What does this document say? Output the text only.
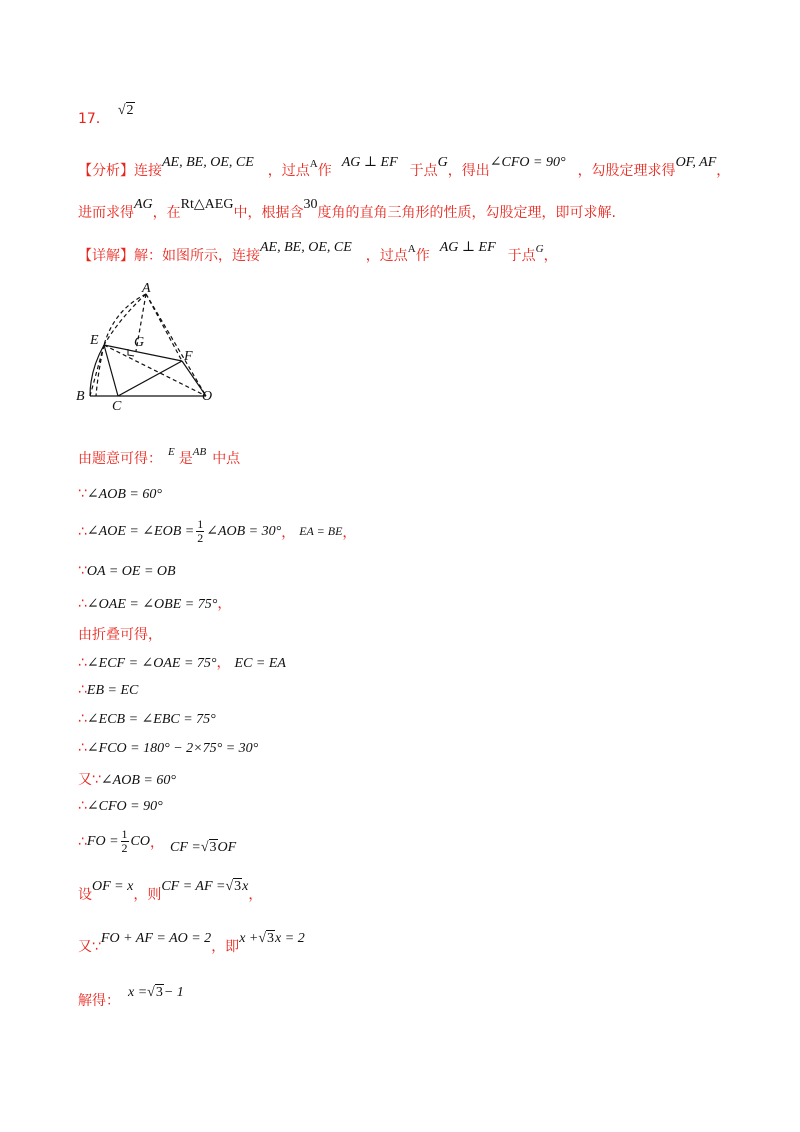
17．
√2
【分析】 连接
AE, BE, OE, CE
，过点 A 作
AG ⊥ EF
于点
G
，得出
∠CFO = 90°
，勾股定理求得
OF, AF
，
进而求得
AG
，在
Rt△AEG
中，根据含
30
度角的直角三角形的性质，勾股定理，即可求解.
【详解】 解：如图所示，连接
AE, BE, OE, CE
，过点 A 作
AG ⊥ EF
于点 G ，
A
E	G
F
B
C
O
由题意可得： E 是 AB 中点
∵ ∠AOB = 60°
∴ ∠AOE = ∠EOB = $\frac{1}{2}$ ∠AOB = 30° ， EA = BE ，
∵ OA = OE = OB
∴ ∠OAE = ∠OBE = 75° ，
由折叠可得，
∴ ∠ECF = ∠OAE = 75° ， EC = EA
∴ EB = EC
∴ ∠ECB = ∠EBC = 75°
∴ ∠FCO = 180° − 2×75° = 30°
又 ∵ ∠AOB = 60°
∴ ∠CFO = 90°
∴ FO = $\frac{1}{2}$ CO ， CF = √3 OF
设
OF = x
，则
CF = AF = √3 x
，
又 ∵
FO + AF = AO = 2
，即
x + √3 x = 2
解得：
x = √3 − 1
